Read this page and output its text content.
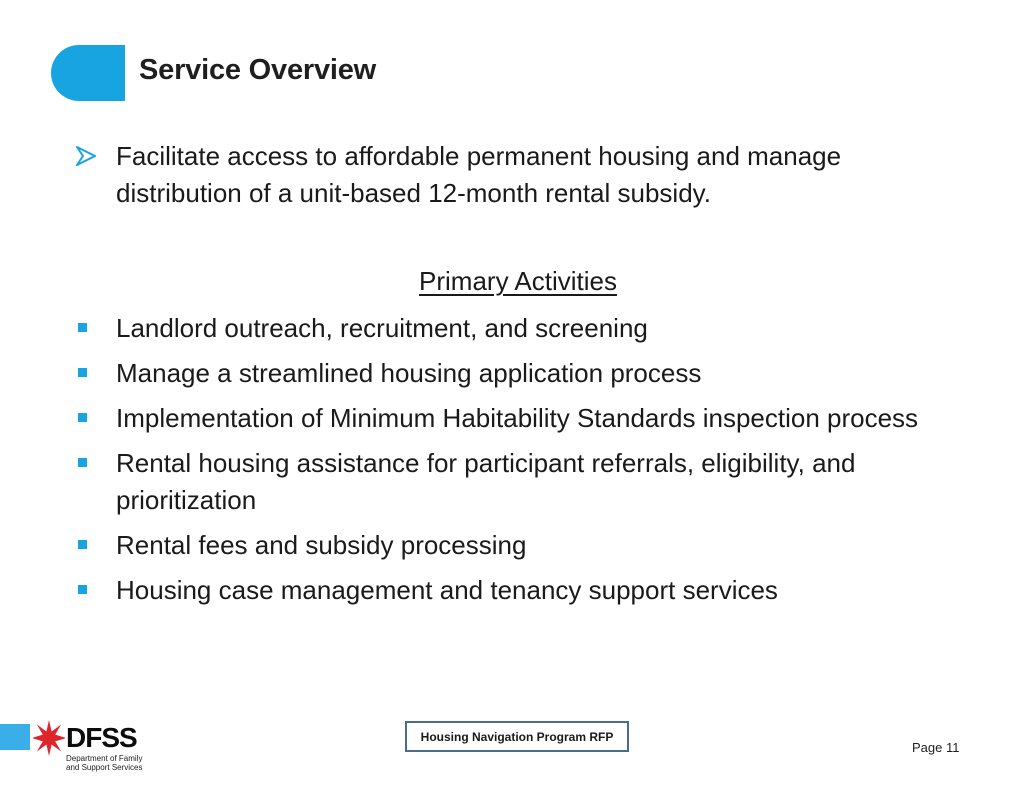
Service Overview
Facilitate access to affordable permanent housing and manage distribution of a unit-based 12-month rental subsidy.
Primary Activities
Landlord outreach, recruitment, and screening
Manage a streamlined housing application process
Implementation of Minimum Habitability Standards inspection process
Rental housing assistance for participant referrals, eligibility, and prioritization
Rental fees and subsidy processing
Housing case management and tenancy support services
DFSS
Department of Family
and Support Services
Housing Navigation Program RFP
Page 11
